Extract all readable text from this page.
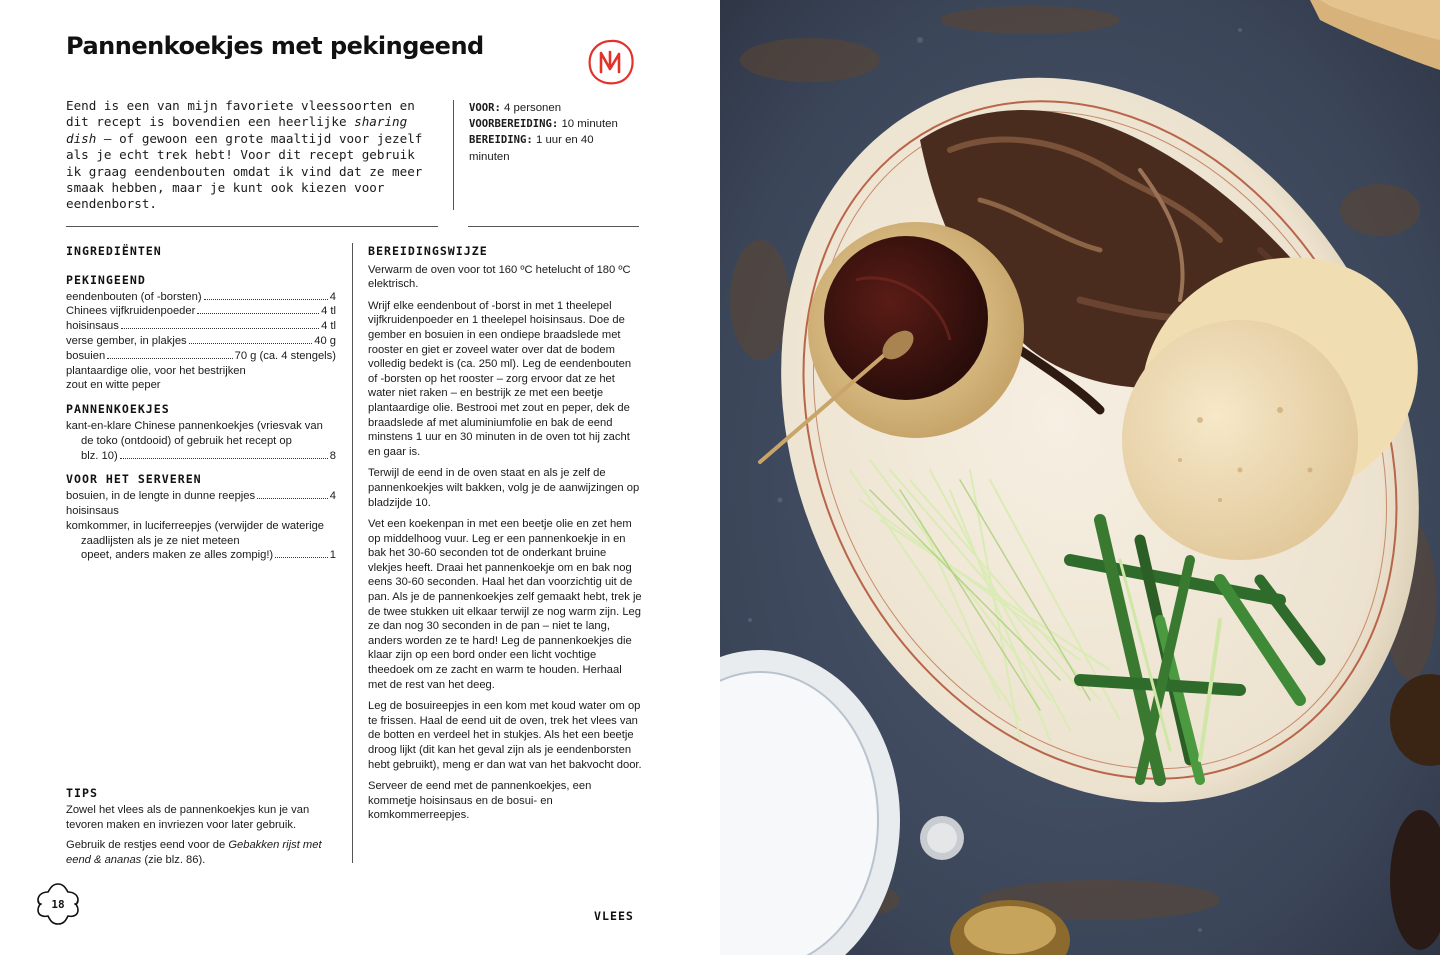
Pannenkoekjes met pekingeend
Eend is een van mijn favoriete vleessoorten en dit recept is bovendien een heerlijke sharing dish – of gewoon een grote maaltijd voor jezelf als je echt trek hebt! Voor dit recept gebruik ik graag eendenbouten omdat ik vind dat ze meer smaak hebben, maar je kunt ook kiezen voor eendenborst.
VOOR: 4 personen
VOORBEREIDING: 10 minuten
BEREIDING: 1 uur en 40 minuten
INGREDIËNTEN
PEKINGEEND
eendenbouten (of -borsten)	4
Chinees vijfkruidenpoeder	4 tl
hoisinsaus	4 tl
verse gember, in plakjes	40 g
bosuien	70 g (ca. 4 stengels)
plantaardige olie, voor het bestrijken
zout en witte peper
PANNENKOEKJES
kant-en-klare Chinese pannenkoekjes (vriesvak van de toko (ontdooid) of gebruik het recept op
blz. 10)	8
VOOR HET SERVEREN
bosuien, in de lengte in dunne reepjes	4
hoisinsaus
komkommer, in luciferreepjes (verwijder de waterige zaadlijsten als je ze niet meteen
opeet, anders maken ze alles zompig!)	1
BEREIDINGSWIJZE

Verwarm de oven voor tot 160 ºC hetelucht of 180 ºC elektrisch.

Wrijf elke eendenbout of -borst in met 1 theelepel vijfkruidenpoeder en 1 theelepel hoisinsaus. Doe de gember en bosuien in een ondiepe braadslede met rooster en giet er zoveel water over dat de bodem volledig bedekt is (ca. 250 ml). Leg de eendenbouten of -borsten op het rooster – zorg ervoor dat ze het water niet raken – en bestrijk ze met een beetje plantaardige olie. Bestrooi met zout en peper, dek de braadslede af met aluminiumfolie en bak de eend minstens 1 uur en 30 minuten in de oven tot hij zacht en gaar is.

Terwijl de eend in de oven staat en als je zelf de pannenkoekjes wilt bakken, volg je de aanwijzingen op bladzijde 10.

Vet een koekenpan in met een beetje olie en zet hem op middelhoog vuur. Leg er een pannenkoekje in en bak het 30-60 seconden tot de onderkant bruine vlekjes heeft. Draai het pannenkoekje om en bak nog eens 30-60 seconden. Haal het dan voorzichtig uit de pan. Als je de pannenkoekjes zelf gemaakt hebt, trek je de twee stukken uit elkaar terwijl ze nog warm zijn. Leg ze dan nog 30 seconden in de pan – niet te lang, anders worden ze te hard! Leg de pannenkoekjes die klaar zijn op een bord onder een licht vochtige theedoek om ze zacht en warm te houden. Herhaal met de rest van het deeg.

Leg de bosuireepjes in een kom met koud water om op te frissen. Haal de eend uit de oven, trek het vlees van de botten en verdeel het in stukjes. Als het een beetje droog lijkt (dit kan het geval zijn als je eendenborsten hebt gebruikt), meng er dan wat van het bakvocht door.

Serveer de eend met de pannenkoekjes, een kommetje hoisinsaus en de bosui- en komkommerreepjes.

TIPS

Zowel het vlees als de pannenkoekjes kun je van tevoren maken en invriezen voor later gebruik.

Gebruik de restjes eend voor de Gebakken rijst met eend & ananas (zie blz. 86).

18
VLEES
